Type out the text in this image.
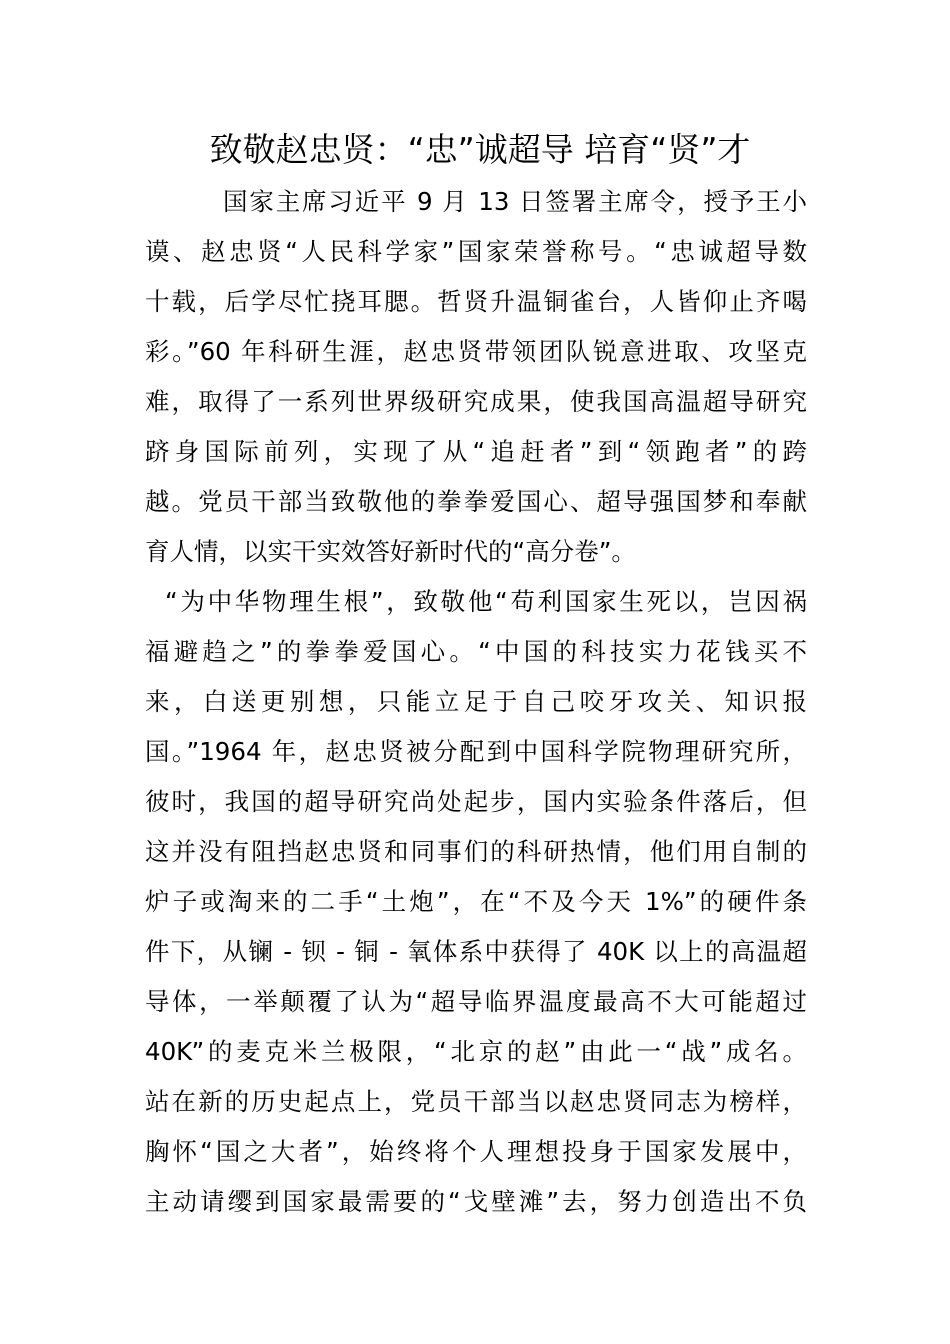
致敬赵忠贤：“忠”诚超导 培育“贤”才
国家主席习近平 9 月 13 日签署主席令，授予王小
谟、赵忠贤“人民科学家”国家荣誉称号。“忠诚超导数
十载，后学尽忙挠耳腮。哲贤升温铜雀台，人皆仰止齐喝
彩。”60 年科研生涯，赵忠贤带领团队锐意进取、攻坚克
难，取得了一系列世界级研究成果，使我国高温超导研究
跻身国际前列，实现了从“追赶者”到“领跑者”的跨
越。党员干部当致敬他的拳拳爱国心、超导强国梦和奉献
育人情，以实干实效答好新时代的“高分卷”。
“为中华物理生根”，致敬他“苟利国家生死以，岂因祸
福避趋之”的拳拳爱国心。“中国的科技实力花钱买不
来，白送更别想，只能立足于自己咬牙攻关、知识报
国。”1964 年，赵忠贤被分配到中国科学院物理研究所，
彼时，我国的超导研究尚处起步，国内实验条件落后，但
这并没有阻挡赵忠贤和同事们的科研热情，他们用自制的
炉子或淘来的二手“土炮”，在“不及今天 1%”的硬件条
件下，从镧 - 钡 - 铜 - 氧体系中获得了 40K 以上的高温超
导体，一举颠覆了认为“超导临界温度最高不大可能超过
40K”的麦克米兰极限，“北京的赵”由此一“战”成名。
站在新的历史起点上，党员干部当以赵忠贤同志为榜样，
胸怀“国之大者”，始终将个人理想投身于国家发展中，
主动请缨到国家最需要的“戈壁滩”去，努力创造出不负
